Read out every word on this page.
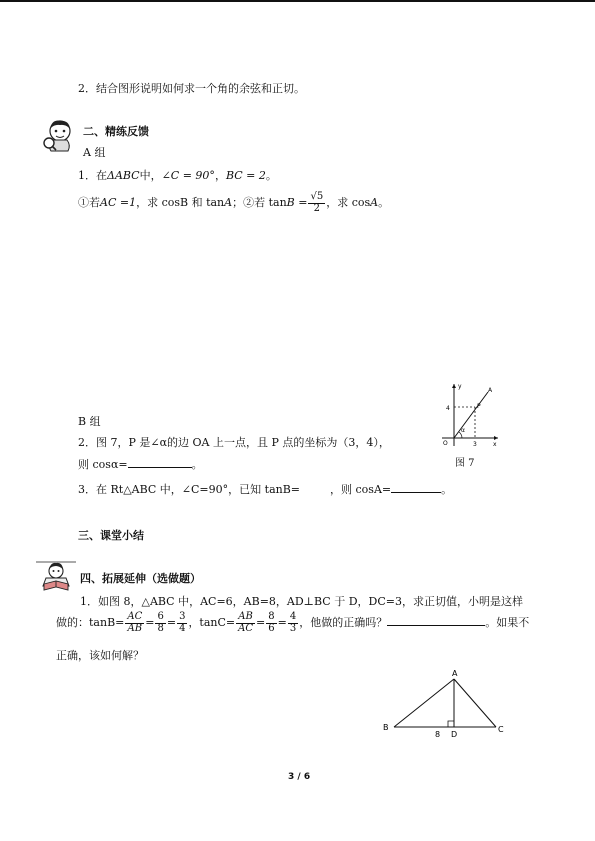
2．结合图形说明如何求一个角的余弦和正切。
二、精练反馈
A 组
1．在ΔABC中，∠C = 90°，BC = 2。
①若AC =1，求 cosB 和 tanA；②若 $\tan B = \frac{√5}{2}$ ，求 cosA。
y
x
O
4
3
P
A
α
图 7
B 组
2．图 7，P 是∠α的边 OA 上一点，且 P 点的坐标为（3，4），
则 cosα=	。
3．在 Rt△ABC 中，∠C=90°，已知 tanB=	，则 cosA=	。
三、课堂小结
四、拓展延伸（选做题）
1．如图 8，△ABC 中，AC=6，AB=8，AD⊥BC 于 D，DC=3，求正切值，小明是这样
做的：$\tan B= \frac{AC}{AB} = \frac{6}{8} = \frac{3}{4}$ ，$\tan C= \frac{AB}{AC} = \frac{8}{6} = \frac{4}{3}$ ，他做的正确吗？	。如果不
正确，该如何解？
A
B	C
D
8
3 / 6
